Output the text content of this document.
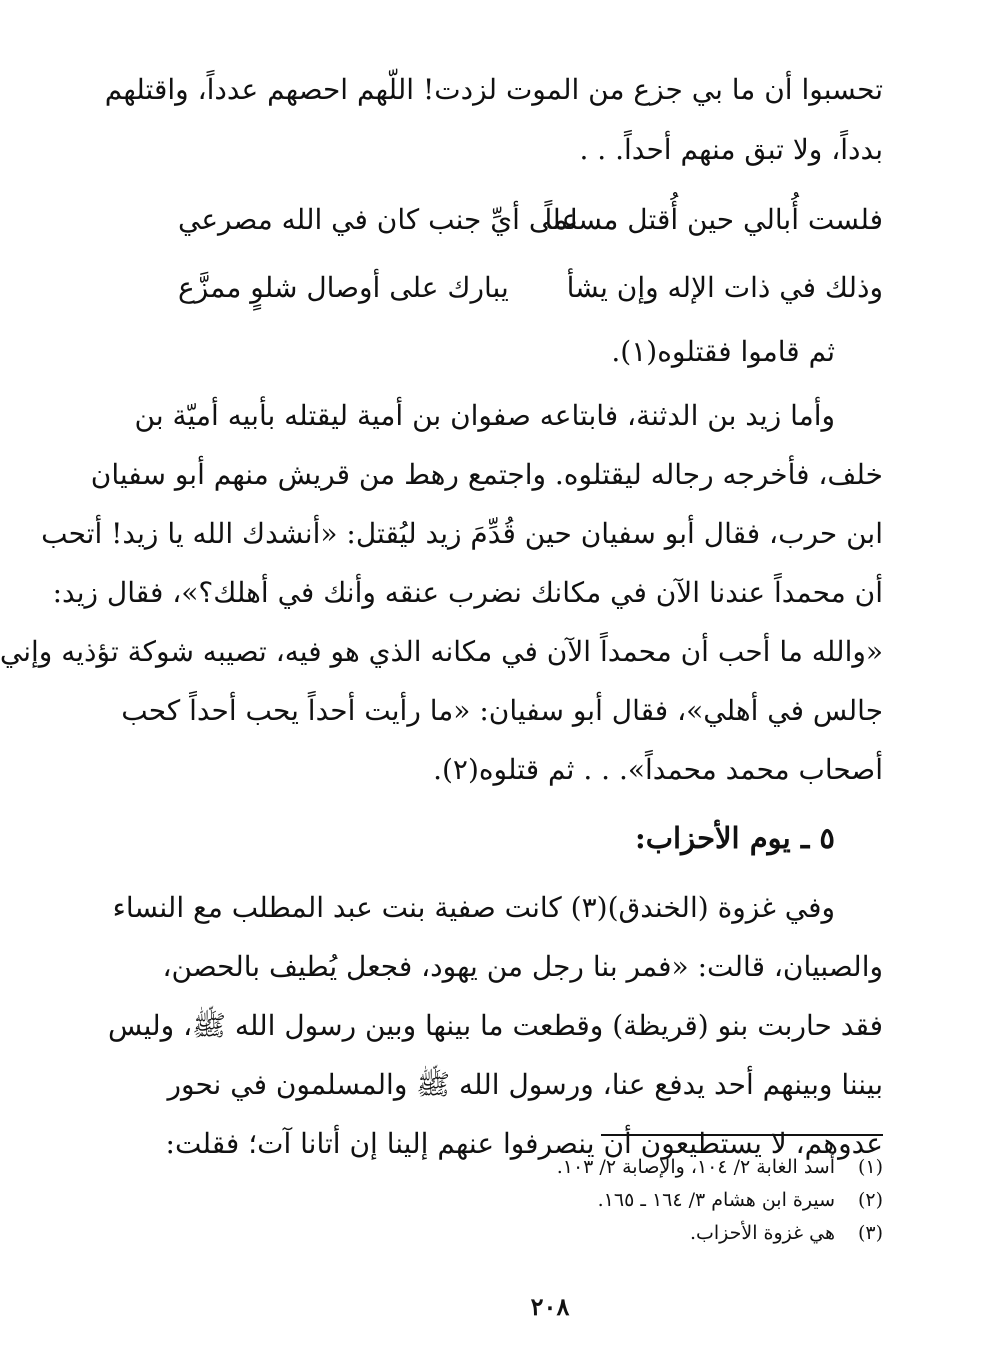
تحسبوا أن ما بي جزع من الموت لزدت! اللّهم احصهم عدداً، واقتلهم
بدداً، ولا تبق منهم أحداً. . .
فلست أُبالي حين أُقتل مسلماً
على أيِّ جنب كان في الله مصرعي
وذلك في ذات الإله وإن يشأ
يبارك على أوصال شلوٍ ممزَّع
ثم قاموا فقتلوه(١).
وأما زيد بن الدثنة، فابتاعه صفوان بن أمية ليقتله بأبيه أميّة بن
خلف، فأخرجه رجاله ليقتلوه. واجتمع رهط من قريش منهم أبو سفيان
ابن حرب، فقال أبو سفيان حين قُدِّمَ زيد ليُقتل: «أنشدك الله يا زيد! أتحب
أن محمداً عندنا الآن في مكانك نضرب عنقه وأنك في أهلك؟»، فقال زيد:
«والله ما أحب أن محمداً الآن في مكانه الذي هو فيه، تصيبه شوكة تؤذيه وإني
جالس في أهلي»، فقال أبو سفيان: «ما رأيت أحداً يحب أحداً كحب
أصحاب محمد محمداً». . . ثم قتلوه(٢).
٥ ـ يوم الأحزاب:
وفي غزوة (الخندق)(٣) كانت صفية بنت عبد المطلب مع النساء
والصبيان، قالت: «فمر بنا رجل من يهود، فجعل يُطيف بالحصن،
فقد حاربت بنو (قريظة) وقطعت ما بينها وبين رسول الله ﷺ، وليس
بيننا وبينهم أحد يدفع عنا، ورسول الله ﷺ والمسلمون في نحور
عدوهم، لا يستطيعون أن ينصرفوا عنهم إلينا إن أتانا آت؛ فقلت:
(١)أسد الغابة ٢/ ١٠٤، والإصابة ٢/ ١٠٣.
(٢)سيرة ابن هشام ٣/ ١٦٤ ـ ١٦٥.
(٣)هي غزوة الأحزاب.
٢٠٨
